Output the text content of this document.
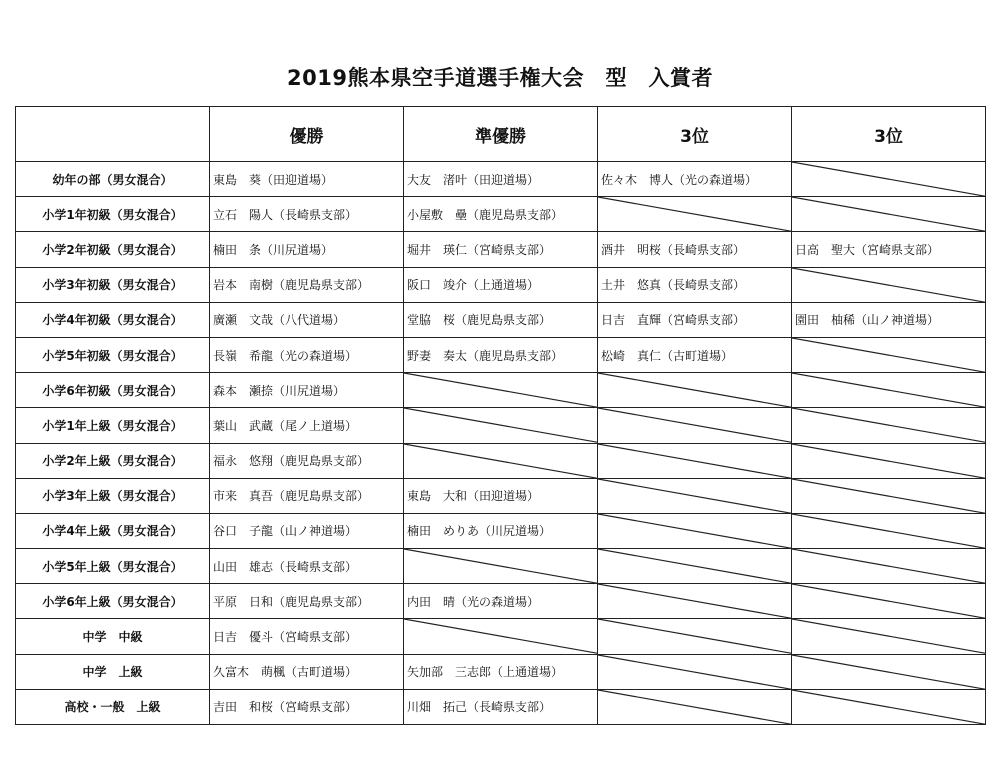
2019熊本県空手道選手権大会　型　入賞者
	優勝	準優勝	3位	3位
幼年の部（男女混合）	東島　葵（田迎道場）	大友　渚叶（田迎道場）	佐々木　博人（光の森道場）	

小学1年初級（男女混合）	立石　陽人（長崎県支部）	小屋敷　壘（鹿児島県支部）	

小学2年初級（男女混合）	楠田　条（川尻道場）	堀井　瑛仁（宮崎県支部）	酒井　明桜（長崎県支部）	日高　聖大（宮崎県支部）
小学3年初級（男女混合）	岩本　南樹（鹿児島県支部）	阪口　竣介（上通道場）	土井　悠真（長崎県支部）	

小学4年初級（男女混合）	廣瀬　文哉（八代道場）	堂脇　桜（鹿児島県支部）	日吉　直輝（宮崎県支部）	園田　柚稀（山ノ神道場）
小学5年初級（男女混合）	長嶺　希龍（光の森道場）	野妻　奏太（鹿児島県支部）	松崎　真仁（古町道場）	

小学6年初級（男女混合）	森本　瀬捺（川尻道場）	

小学1年上級（男女混合）	葉山　武蔵（尾ノ上道場）	

小学2年上級（男女混合）	福永　悠翔（鹿児島県支部）	

小学3年上級（男女混合）	市来　真吾（鹿児島県支部）	東島　大和（田迎道場）	

小学4年上級（男女混合）	谷口　子龍（山ノ神道場）	楠田　めりあ（川尻道場）	

小学5年上級（男女混合）	山田　雄志（長崎県支部）	

小学6年上級（男女混合）	平原　日和（鹿児島県支部）	内田　晴（光の森道場）	

中学　中級	日吉　優斗（宮崎県支部）	

中学　上級	久富木　萌楓（古町道場）	矢加部　三志郎（上通道場）	

高校・一般　上級	吉田　和桜（宮崎県支部）	川畑　拓己（長崎県支部）	
